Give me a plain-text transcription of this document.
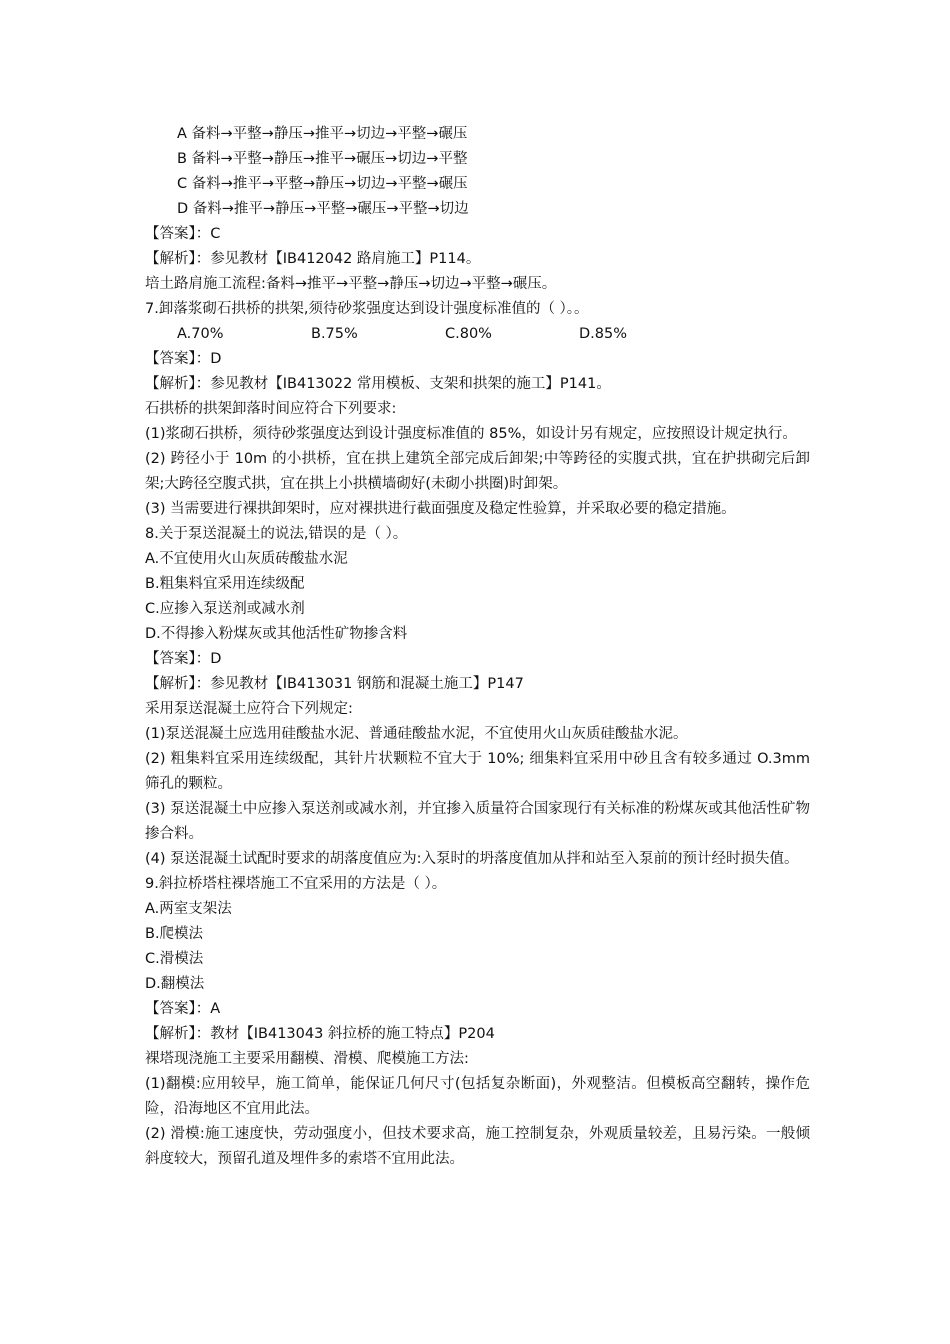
A 备料→平整→静压→推平→切边→平整→碾压
B 备料→平整→静压→推平→碾压→切边→平整
C 备料→推平→平整→静压→切边→平整→碾压
D 备料→推平→静压→平整→碾压→平整→切边
【答案】：C
【解析】：参见教材【IB412042 路肩施工】P114。
培土路肩施工流程:备料→推平→平整→静压→切边→平整→碾压。
7.卸落浆砌石拱桥的拱架,须待砂浆强度达到设计强度标准值的（ ）。。
A.70%	B.75%	C.80%	D.85%
【答案】：D
【解析】：参见教材【IB413022 常用模板、支架和拱架的施工】P141。
石拱桥的拱架卸落时间应符合下列要求:
(1)浆砌石拱桥，须待砂浆强度达到设计强度标准值的 85%，如设计另有规定，应按照设计规定执行。
(2) 跨径小于 10m 的小拱桥，宜在拱上建筑全部完成后卸架;中等跨径的实腹式拱，宜在护拱砌完后卸架;大跨径空腹式拱，宜在拱上小拱横墙砌好(未砌小拱圈)时卸架。
(3) 当需要进行裸拱卸架时，应对裸拱进行截面强度及稳定性验算，并采取必要的稳定措施。
8.关于泵送混凝土的说法,错误的是（ ）。
A.不宜使用火山灰质砖酸盐水泥
B.粗集料宜采用连续级配
C.应掺入泵送剂或减水剂
D.不得掺入粉煤灰或其他活性矿物掺含料
【答案】：D
【解析】：参见教材【IB413031 钢筋和混凝土施工】P147
采用泵送混凝土应符合下列规定:
(1)泵送混凝土应选用硅酸盐水泥、普通硅酸盐水泥，不宜使用火山灰质硅酸盐水泥。
(2) 粗集料宜采用连续级配，其针片状颗粒不宜大于 10%; 细集料宜采用中砂且含有较多通过 O.3mm 筛孔的颗粒。
(3) 泵送混凝土中应掺入泵送剂或减水剂，并宜掺入质量符合国家现行有关标准的粉煤灰或其他活性矿物掺合料。
(4) 泵送混凝土试配时要求的胡落度值应为:入泵时的坍落度值加从拌和站至入泵前的预计经时损失值。
9.斜拉桥塔柱裸塔施工不宜采用的方法是（ ）。
A.两室支架法
B.爬模法
C.滑模法
D.翻模法
【答案】：A
【解析】：教材【IB413043 斜拉桥的施工特点】P204
裸塔现浇施工主要采用翻模、滑模、爬模施工方法:
(1)翻模:应用较早，施工简单，能保证几何尺寸(包括复杂断面)，外观整洁。但模板高空翻转，操作危险，沿海地区不宜用此法。
(2) 滑模:施工速度快，劳动强度小，但技术要求高，施工控制复杂，外观质量较差，且易污染。一般倾斜度较大，预留孔道及埋件多的索塔不宜用此法。
